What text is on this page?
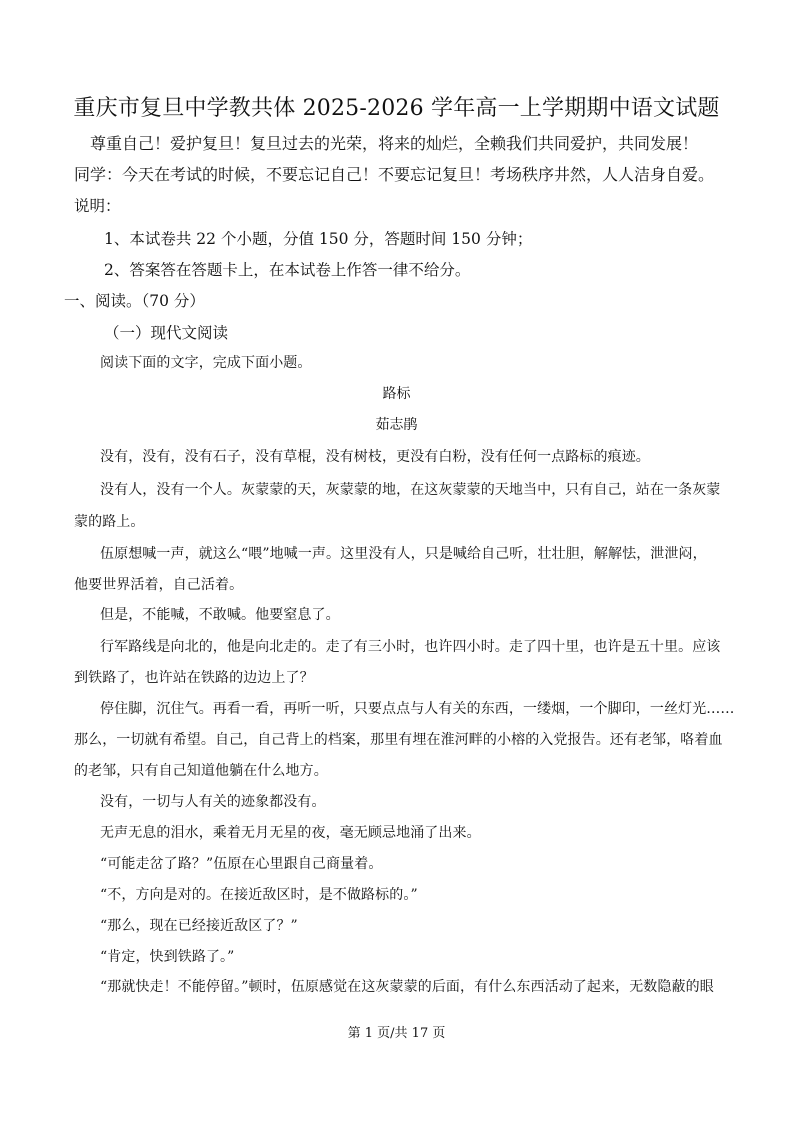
重庆市复旦中学教共体 2025-2026 学年高一上学期期中语文试题
尊重自己！爱护复旦！复旦过去的光荣，将来的灿烂，全赖我们共同爱护，共同发展！
同学：今天在考试的时候，不要忘记自己！不要忘记复旦！考场秩序井然，人人洁身自爱。
说明：
1、本试卷共 22 个小题，分值 150 分，答题时间 150 分钟；
2、答案答在答题卡上，在本试卷上作答一律不给分。
一、阅读。（70 分）
（一）现代文阅读
阅读下面的文字，完成下面小题。
路标
茹志鹃
没有，没有，没有石子，没有草棍，没有树枝，更没有白粉，没有任何一点路标的痕迹。
没有人，没有一个人。灰蒙蒙的天，灰蒙蒙的地，在这灰蒙蒙的天地当中，只有自己，站在一条灰蒙
蒙的路上。
伍原想喊一声，就这么“喂”地喊一声。这里没有人，只是喊给自己听，壮壮胆，解解怯，泄泄闷，
他要世界活着，自己活着。
但是，不能喊，不敢喊。他要窒息了。
行军路线是向北的，他是向北走的。走了有三小时，也许四小时。走了四十里，也许是五十里。应该
到铁路了，也许站在铁路的边边上了？
停住脚，沉住气。再看一看，再听一听，只要点点与人有关的东西，一缕烟，一个脚印，一丝灯光……
那么，一切就有希望。自己，自己背上的档案，那里有埋在淮河畔的小榕的入党报告。还有老邹，咯着血
的老邹，只有自己知道他躺在什么地方。
没有，一切与人有关的迹象都没有。
无声无息的泪水，乘着无月无星的夜，毫无顾忌地涌了出来。
“可能走岔了路？”伍原在心里跟自己商量着。
“不，方向是对的。在接近敌区时，是不做路标的。”
“那么，现在已经接近敌区了？”
“肯定，快到铁路了。”
“那就快走！不能停留。”顿时，伍原感觉在这灰蒙蒙的后面，有什么东西活动了起来，无数隐蔽的眼
第 1 页/共 17 页
